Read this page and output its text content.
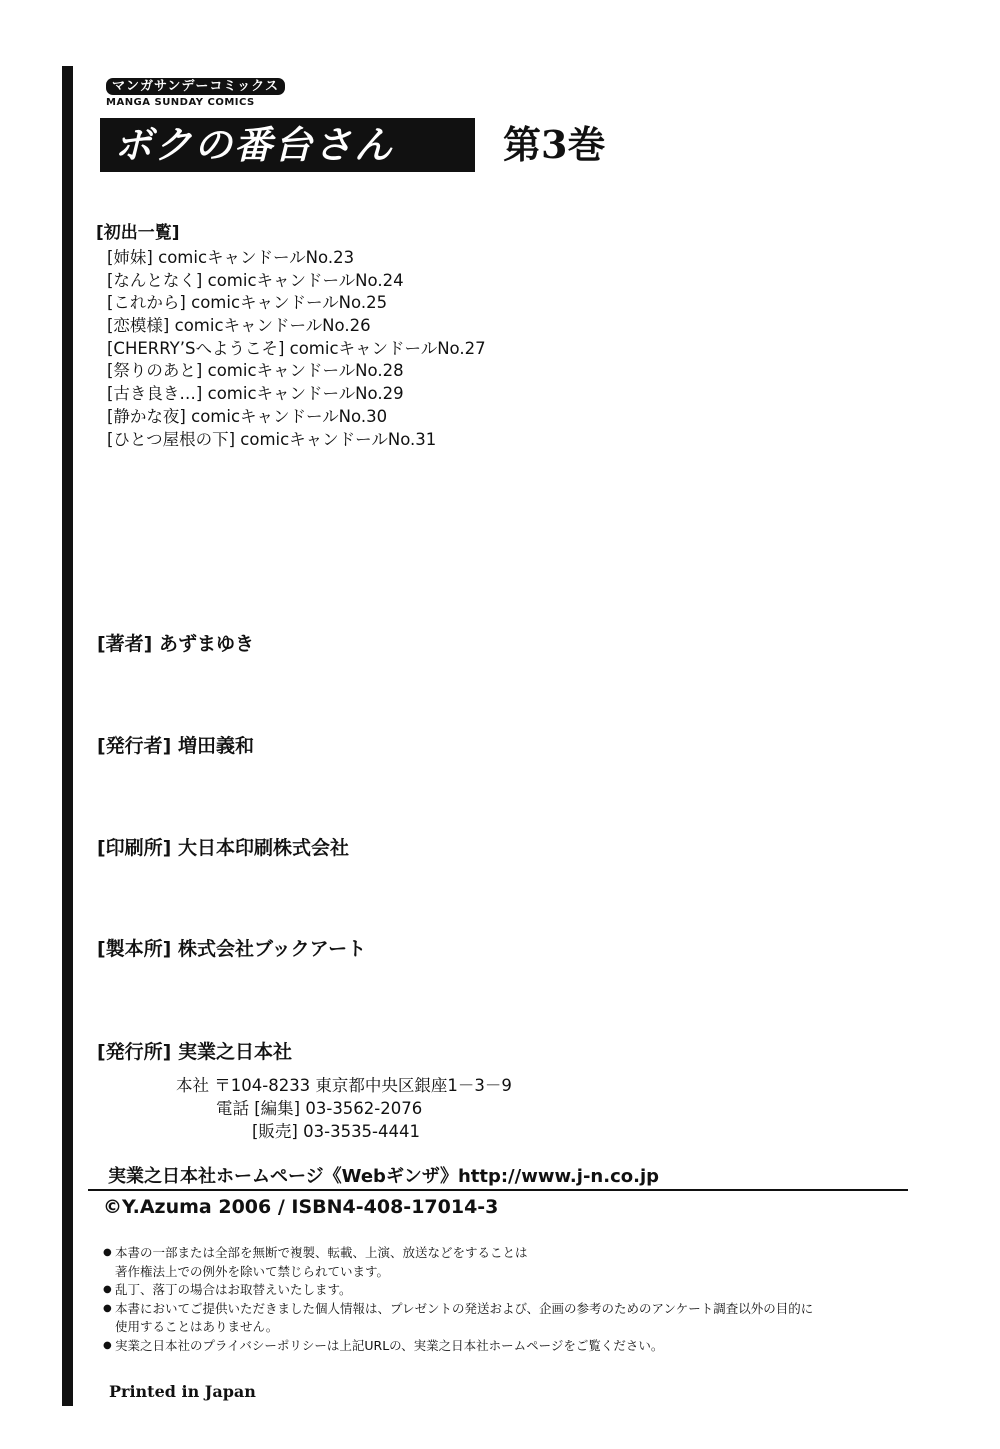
マンガサンデーコミックス
MANGA SUNDAY COMICS
ボクの番台さん	第3巻
[初出一覧]
[姉妹] comicキャンドールNo.23
[なんとなく] comicキャンドールNo.24
[これから] comicキャンドールNo.25
[恋模様] comicキャンドールNo.26
[CHERRY’Sへようこそ] comicキャンドールNo.27
[祭りのあと] comicキャンドールNo.28
[古き良き…] comicキャンドールNo.29
[静かな夜] comicキャンドールNo.30
[ひとつ屋根の下] comicキャンドールNo.31
[著者] あずまゆき
[発行者] 増田義和
[印刷所] 大日本印刷株式会社
[製本所] 株式会社ブックアート
[発行所] 実業之日本社
本社 〒104-8233 東京都中央区銀座1－3－9
電話 [編集] 03-3562-2076
[販売] 03-3535-4441
実業之日本社ホームページ《Webギンザ》http://www.j-n.co.jp
©Y.Azuma 2006 / ISBN4-408-17014-3
● 本書の一部または全部を無断で複製、転載、上演、放送などをすることは
著作権法上での例外を除いて禁じられています。
● 乱丁、落丁の場合はお取替えいたします。
● 本書においてご提供いただきました個人情報は、プレゼントの発送および、企画の参考のためのアンケート調査以外の目的に
使用することはありません。
● 実業之日本社のプライバシーポリシーは上記URLの、実業之日本社ホームページをご覧ください。
Printed in Japan
